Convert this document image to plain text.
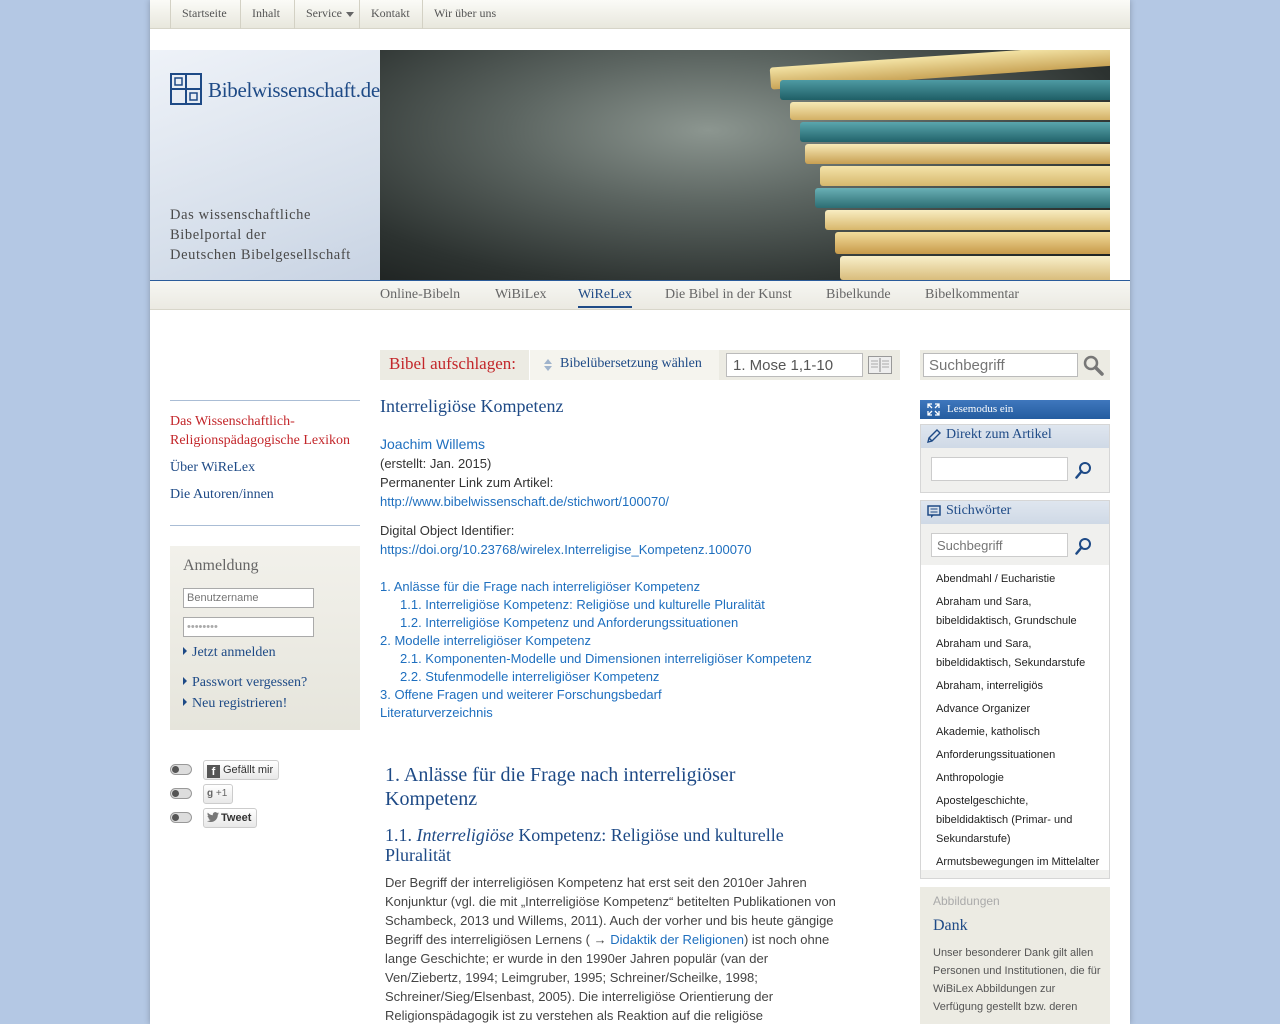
Startseite	Inhalt	Service	Kontakt	Wir über uns
Bibelwissenschaft.de
Das wissenschaftliche
Bibelportal der
Deutschen Bibelgesellschaft
Online-Bibeln WiBiLex WiReLex Die Bibel in der Kunst Bibelkunde Bibelkommentar
Bibel aufschlagen:	Bibelübersetzung wählen
1. Mose 1,1-10
Suchbegriff
Das Wissenschaftlich-Religionspädagogische Lexikon
Über WiReLex
Die Autoren/innen
Anmeldung
Benutzername
••••••••
Jetzt anmelden
Passwort vergessen?
Neu registrieren!
f Gefällt mir
g +1
Tweet
Interreligiöse Kompetenz
Joachim Willems
(erstellt: Jan. 2015)
Permanenter Link zum Artikel:
http://www.bibelwissenschaft.de/stichwort/100070/
Digital Object Identifier:
https://doi.org/10.23768/wirelex.Interreligise_Kompetenz.100070
1. Anlässe für die Frage nach interreligiöser Kompetenz
1.1. Interreligiöse Kompetenz: Religiöse und kulturelle Pluralität
1.2. Interreligiöse Kompetenz und Anforderungssituationen
2. Modelle interreligiöser Kompetenz
2.1. Komponenten-Modelle und Dimensionen interreligiöser Kompetenz
2.2. Stufenmodelle interreligiöser Kompetenz
3. Offene Fragen und weiterer Forschungsbedarf
Literaturverzeichnis
1. Anlässe für die Frage nach interreligiöser Kompetenz
1.1. Interreligiöse Kompetenz: Religiöse und kulturelle Pluralität
Der Begriff der interreligiösen Kompetenz hat erst seit den 2010er Jahren Konjunktur (vgl. die mit „Interreligiöse Kompetenz“ betitelten Publikationen von Schambeck, 2013 und Willems, 2011). Auch der vorher und bis heute gängige Begriff des interreligiösen Lernens ( → Didaktik der Religionen) ist noch ohne lange Geschichte; er wurde in den 1990er Jahren populär (van der Ven/Ziebertz, 1994; Leimgruber, 1995; Schreiner/Scheilke, 1998; Schreiner/Sieg/Elsenbast, 2005). Die interreligiöse Orientierung der Religionspädagogik ist zu verstehen als Reaktion auf die religiöse
Lesemodus ein
Direkt zum Artikel
Stichwörter
Suchbegriff
Abendmahl / Eucharistie
Abraham und Sara, bibeldidaktisch, Grundschule
Abraham und Sara, bibeldidaktisch, Sekundarstufe
Abraham, interreligiös
Advance Organizer
Akademie, katholisch
Anforderungssituationen
Anthropologie
Apostelgeschichte, bibeldidaktisch (Primar- und Sekundarstufe)
Armutsbewegungen im Mittelalter
Abbildungen
Dank
Unser besonderer Dank gilt allen Personen und Institutionen, die für WiBiLex Abbildungen zur Verfügung gestellt bzw. deren
